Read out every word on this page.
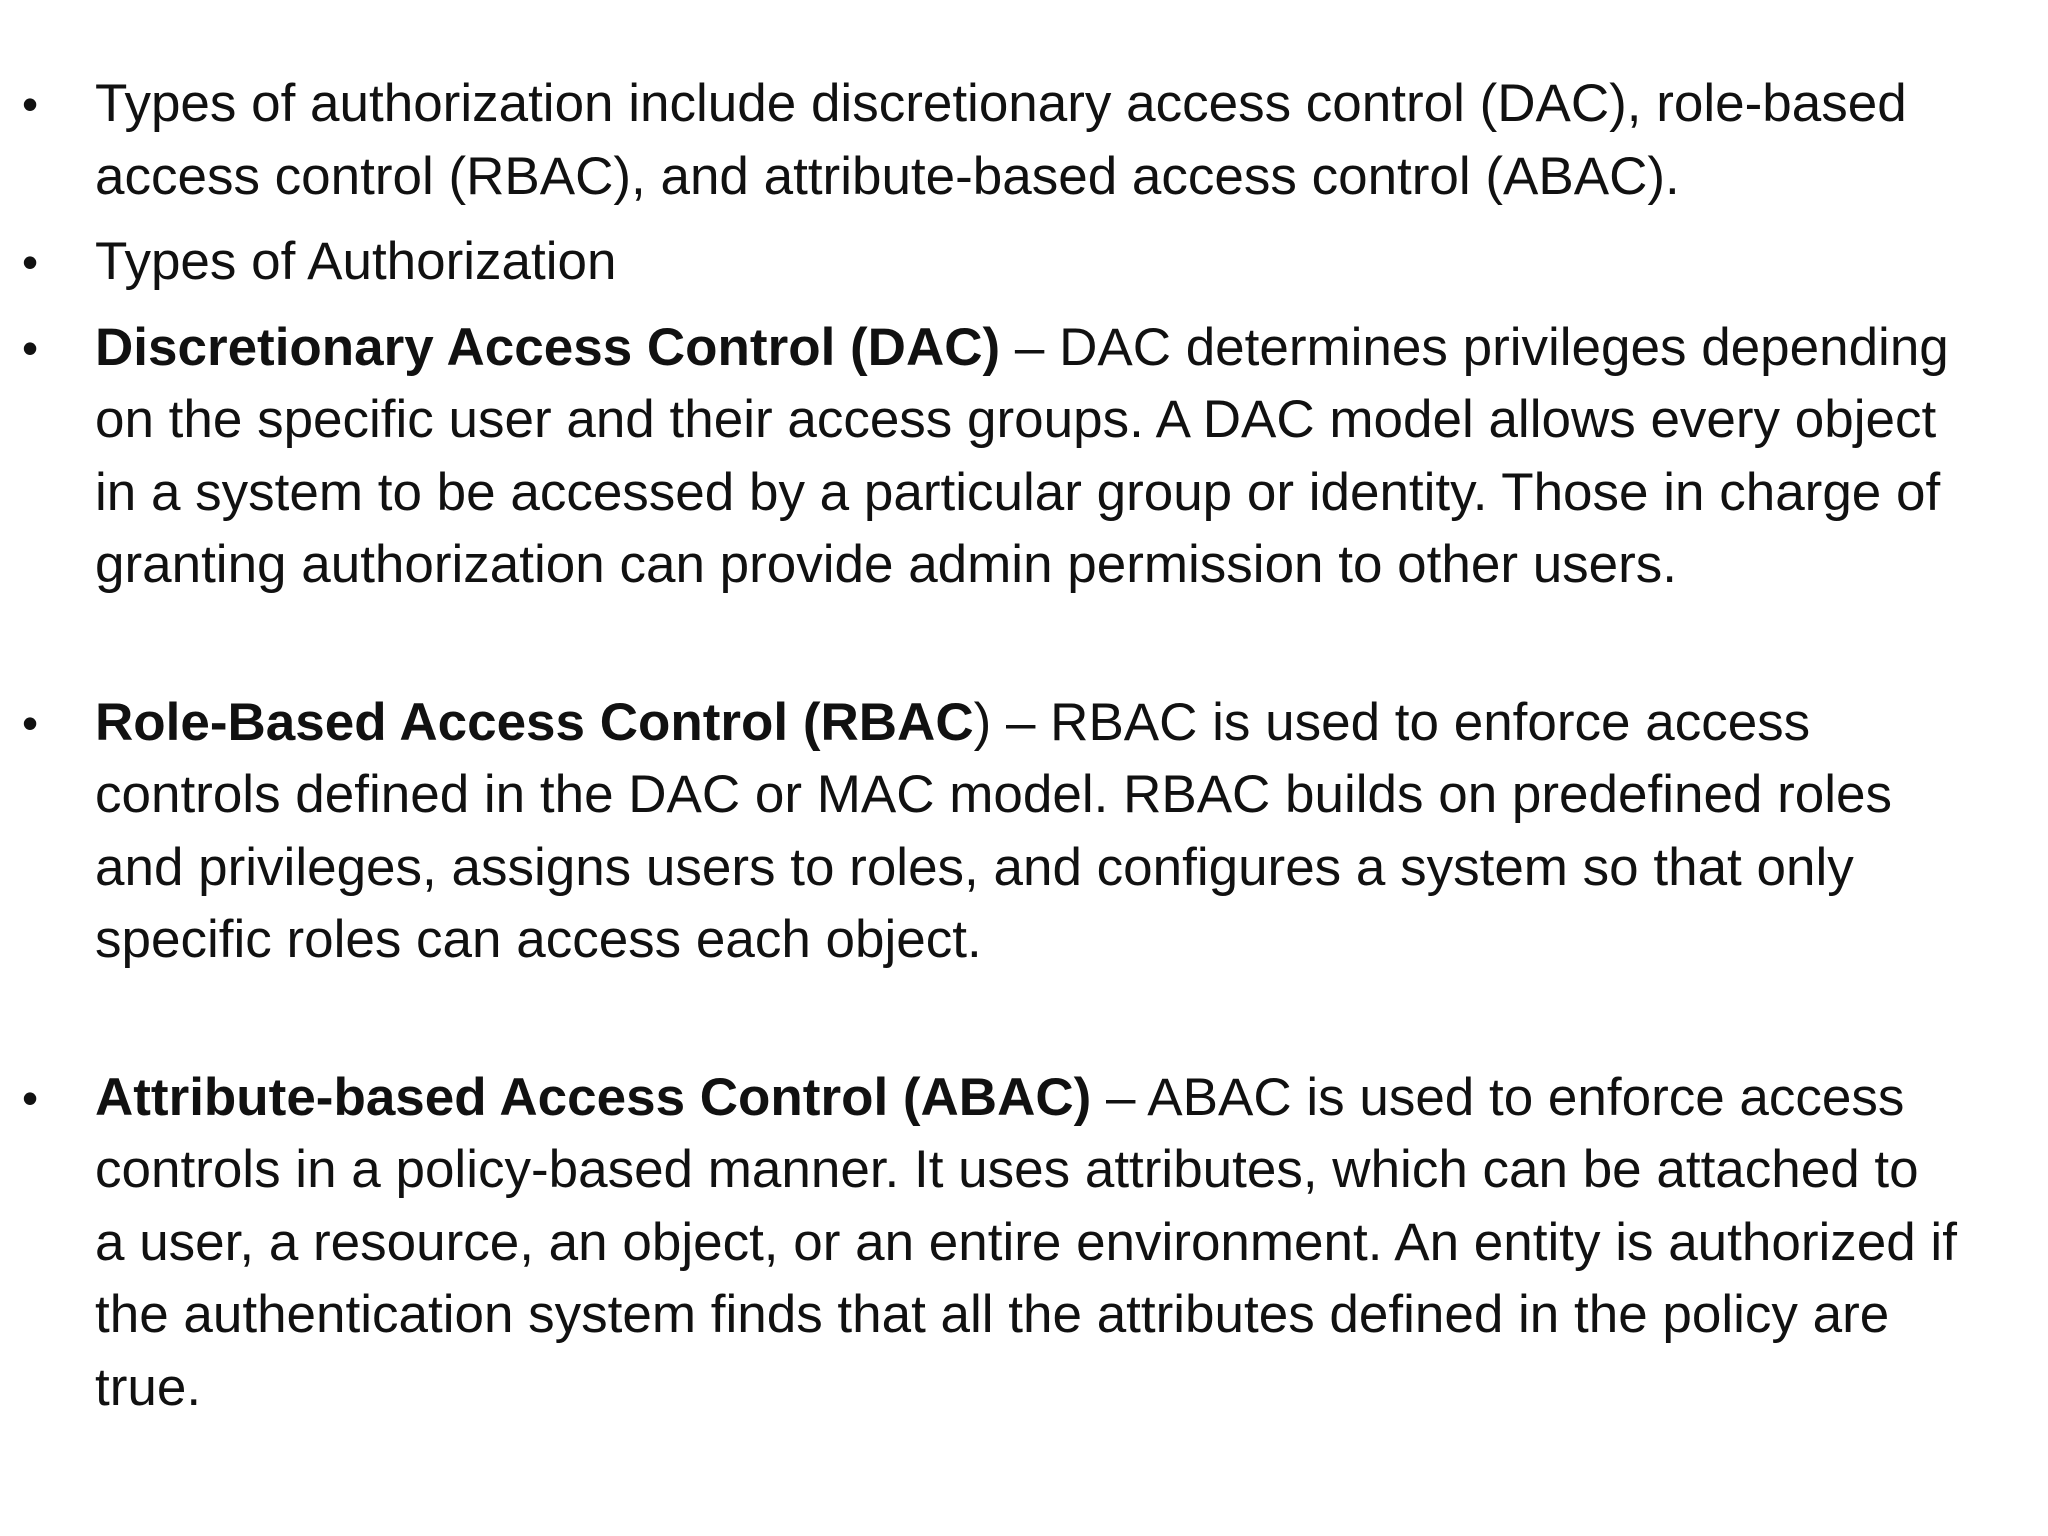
• Types of authorization include discretionary access control (DAC), role-based access control (RBAC), and attribute-based access control (ABAC).
• Types of Authorization
• Discretionary Access Control (DAC) – DAC determines privileges depending on the specific user and their access groups. A DAC model allows every object in a system to be accessed by a particular group or identity. Those in charge of granting authorization can provide admin permission to other users.
• Role-Based Access Control (RBAC) – RBAC is used to enforce access controls defined in the DAC or MAC model. RBAC builds on predefined roles and privileges, assigns users to roles, and configures a system so that only specific roles can access each object.
• Attribute-based Access Control (ABAC) – ABAC is used to enforce access controls in a policy-based manner. It uses attributes, which can be attached to a user, a resource, an object, or an entire environment. An entity is authorized if the authentication system finds that all the attributes defined in the policy are true.
